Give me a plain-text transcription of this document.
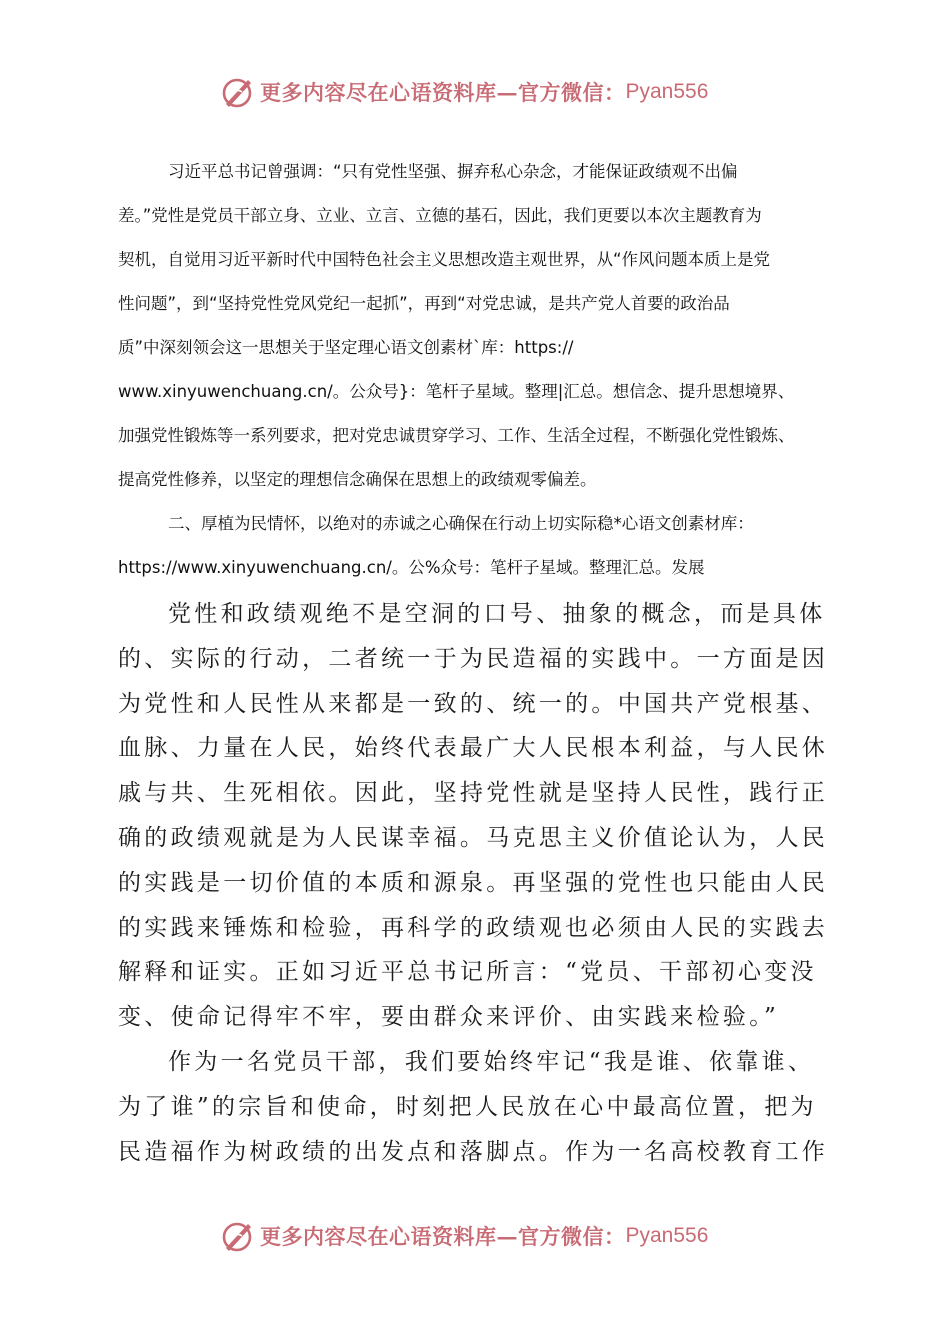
更多内容尽在心语资料库—官方微信： Pyan556
习近平总书记曾强调：“只有党性坚强、摒弃私心杂念，才能保证政绩观不出偏
差。”党性是党员干部立身、立业、立言、立德的基石，因此，我们更要以本次主题教育为
契机，自觉用习近平新时代中国特色社会主义思想改造主观世界，从“作风问题本质上是党
性问题”，到“坚持党性党风党纪一起抓”，再到“对党忠诚，是共产党人首要的政治品
质”中深刻领会这一思想关于坚定理心语文创素材`库：https://
www.xinyuwenchuang.cn/。公众号}：笔杆子星域。整理|汇总。想信念、提升思想境界、
加强党性锻炼等一系列要求，把对党忠诚贯穿学习、工作、生活全过程，不断强化党性锻炼、
提高党性修养，以坚定的理想信念确保在思想上的政绩观零偏差。
二、厚植为民情怀，以绝对的赤诚之心确保在行动上切实际稳*心语文创素材库：
https://www.xinyuwenchuang.cn/。公%众号：笔杆子星域。整理汇总。发展
党性和政绩观绝不是空洞的口号、抽象的概念，而是具体
的、实际的行动，二者统一于为民造福的实践中。一方面是因
为党性和人民性从来都是一致的、统一的。中国共产党根基、
血脉、力量在人民，始终代表最广大人民根本利益，与人民休
戚与共、生死相依。因此，坚持党性就是坚持人民性，践行正
确的政绩观就是为人民谋幸福。马克思主义价值论认为，人民
的实践是一切价值的本质和源泉。再坚强的党性也只能由人民
的实践来锤炼和检验，再科学的政绩观也必须由人民的实践去
解释和证实。正如习近平总书记所言：“党员、干部初心变没
变、使命记得牢不牢，要由群众来评价、由实践来检验。”
作为一名党员干部，我们要始终牢记“我是谁、依靠谁、
为了谁”的宗旨和使命，时刻把人民放在心中最高位置，把为
民造福作为树政绩的出发点和落脚点。作为一名高校教育工作
更多内容尽在心语资料库—官方微信： Pyan556
